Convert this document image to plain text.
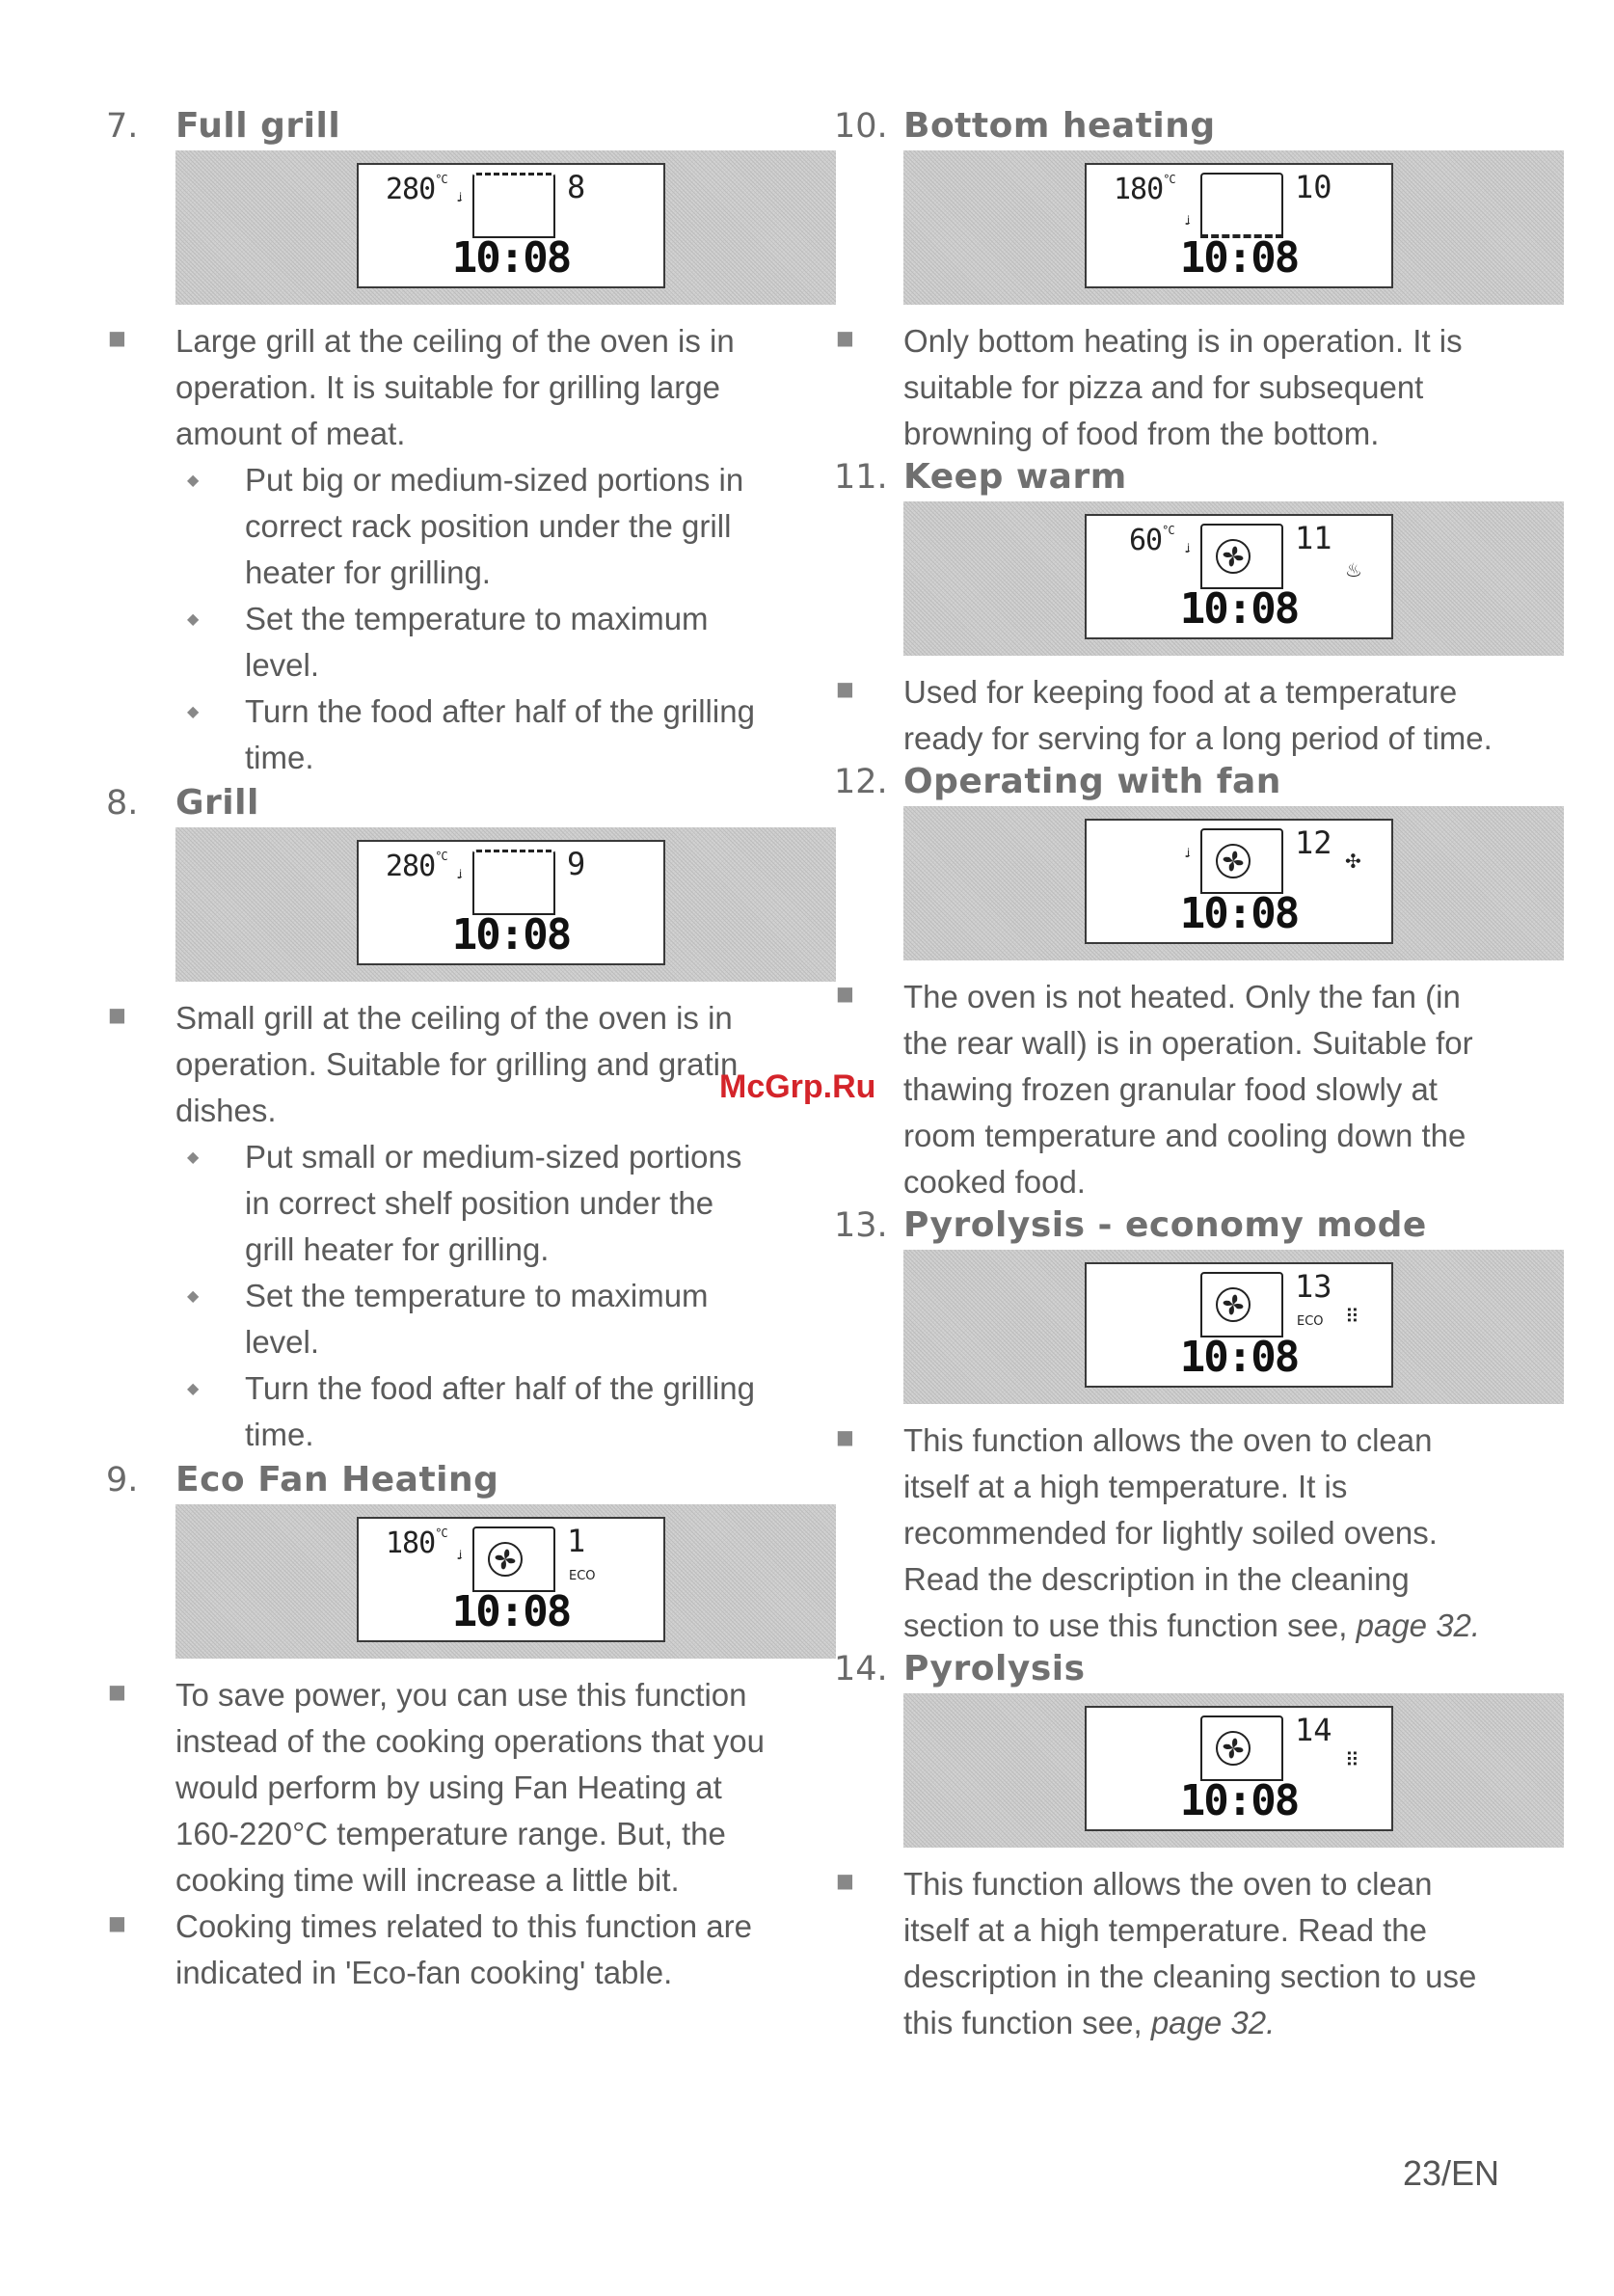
7.	Full grill
$280^{^\circ C}$
ᶨ	8
10:08
■	Large grill at the ceiling of the oven is in operation. It is suitable for grilling large amount of meat.
◆	Put big or medium-sized portions in correct rack position under the grill heater for grilling.
◆	Set the temperature to maximum level.
◆	Turn the food after half of the grilling time.
8.	Grill
$280^{^\circ C}$
ᶨ	9
10:08
■	Small grill at the ceiling of the oven is in operation. Suitable for grilling and gratin dishes.
◆	Put small or medium-sized portions in correct shelf position under the grill heater for grilling.
◆	Set the temperature to maximum level.
◆	Turn the food after half of the grilling time.
9.	Eco Fan Heating
$180^{^\circ C}$
ᶨ	1
ECO
10:08
■	To save power, you can use this function instead of the cooking operations that you would perform by using Fan Heating at 160-220°C temperature range. But, the cooking time will increase a little bit.
■	Cooking times related to this function are indicated in 'Eco-fan cooking' table.
10. Bottom heating
$180^{^\circ C}$
ᶨ
10
10:08
■	Only bottom heating is in operation. It is suitable for pizza and for subsequent browning of food from the bottom.
11. Keep warm
$60^{^\circ C}$
ᶨ	11
♨
10:08
■	Used for keeping food at a temperature ready for serving for a long period of time.
12. Operating with fan
ᶨ	12 ✣
10:08
■	The oven is not heated. Only the fan (in the rear wall) is in operation. Suitable for thawing frozen granular food slowly at room temperature and cooling down the cooked food.
13. Pyrolysis - economy mode
13
ECO ⠿
10:08
■	This function allows the oven to clean itself at a high temperature. It is recommended for lightly soiled ovens. Read the description in the cleaning section to use this function see, page 32.
14. Pyrolysis
14
⠿
10:08
■	This function allows the oven to clean itself at a high temperature. Read the description in the cleaning section to use this function see, page 32.
McGrp.Ru
23/EN
